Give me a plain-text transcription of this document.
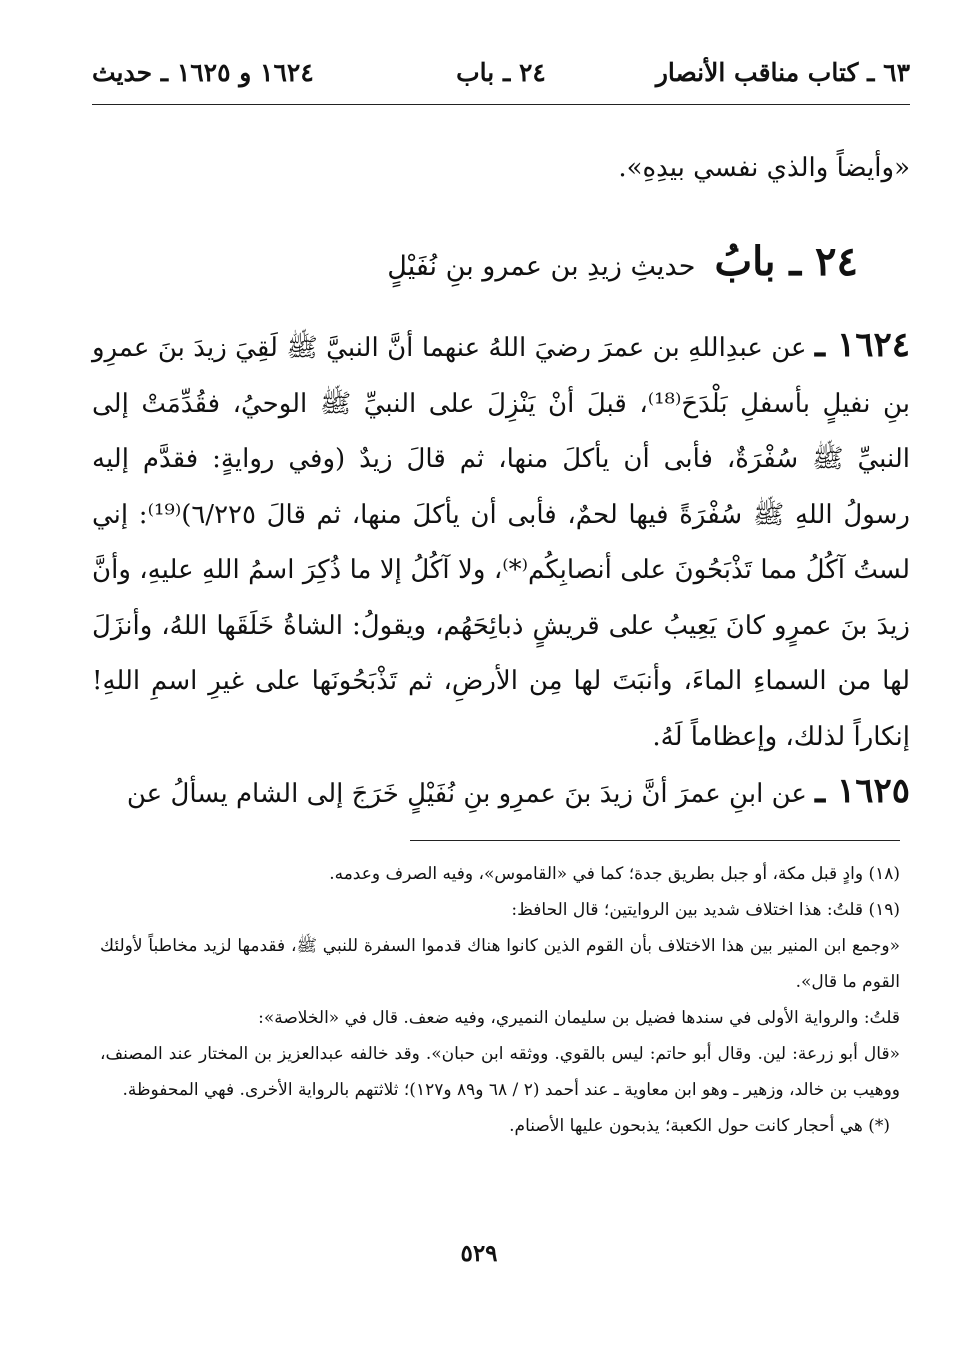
٦٣ ـ كتاب مناقب الأنصار
٢٤ ـ باب
١٦٢٤ و ١٦٢٥ ـ حديث
«وأيضاً والذي نفسي بيدِهِ».
٢٤ ـ بابُ حديثِ زيدِ بن عمرو بنِ نُفَيْلٍ
١٦٢٤ ـ عن عبدِاللهِ بن عمرَ رضيَ اللهُ عنهما أنَّ النبيَّ ﷺ لَقِيَ زيدَ بنَ عمرِو بنِ نفيلٍ بأسفلِ بَلْدَحَ⁽¹⁸⁾، قبلَ أنْ يَنْزِلَ على النبيِّ ﷺ الوحيُ، فقُدِّمَتْ إلى النبيِّ ﷺ سُفْرَةٌ، فأبى أن يأكلَ منها، ثم قالَ زيدٌ (وفي روايةٍ: فقدَّم إليه رسولُ اللهِ ﷺ سُفْرَةً فيها لحمٌ، فأبى أن يأكلَ منها، ثم قالَ ٦/٢٢٥)⁽¹⁹⁾: إني لستُ آكُلُ مما تَذْبَحُونَ على أنصابِكُم⁽*⁾، ولا آكُلُ إلا ما ذُكِرَ اسمُ اللهِ عليهِ، وأنَّ زيدَ بنَ عمرٍو كانَ يَعِيبُ على قريشٍ ذبائِحَهُم، ويقولُ: الشاةُ خَلَقَها اللهُ، وأنزَلَ لها من السماءِ الماءَ، وأنبَتَ لها مِن الأرضِ، ثم تَذْبَحُونَها على غيرِ اسمِ اللهِ! إنكاراً لذلك، وإعظاماً لَهُ.
١٦٢٥ ـ عن ابنِ عمرَ أنَّ زيدَ بنَ عمرِو بنِ نُفَيْلٍ خَرَجَ إلى الشام يسألُ عن
(١٨) وادٍ قبل مكة، أو جبل بطريق جدة؛ كما في «القاموس»، وفيه الصرف وعدمه.
(١٩) قلتُ: هذا اختلاف شديد بين الروايتين؛ قال الحافظ:
«وجمع ابن المنير بين هذا الاختلاف بأن القوم الذين كانوا هناك قدموا السفرة للنبي ﷺ، فقدمها لزيد مخاطباً لأولئك القوم ما قال».
قلتُ: والرواية الأولى في سندها فضيل بن سليمان النميري، وفيه ضعف. قال في «الخلاصة»:
«قال أبو زرعة: لين. وقال أبو حاتم: ليس بالقوي. ووثقه ابن حبان». وقد خالفه عبدالعزيز بن المختار عند المصنف، ووهيب بن خالد، وزهير ـ وهو ابن معاوية ـ عند أحمد (٢ / ٦٨ و٨٩ و١٢٧)؛ ثلاثتهم بالرواية الأخرى. فهي المحفوظة.
(*) هي أحجار كانت حول الكعبة؛ يذبحون عليها الأصنام.
٥٢٩
